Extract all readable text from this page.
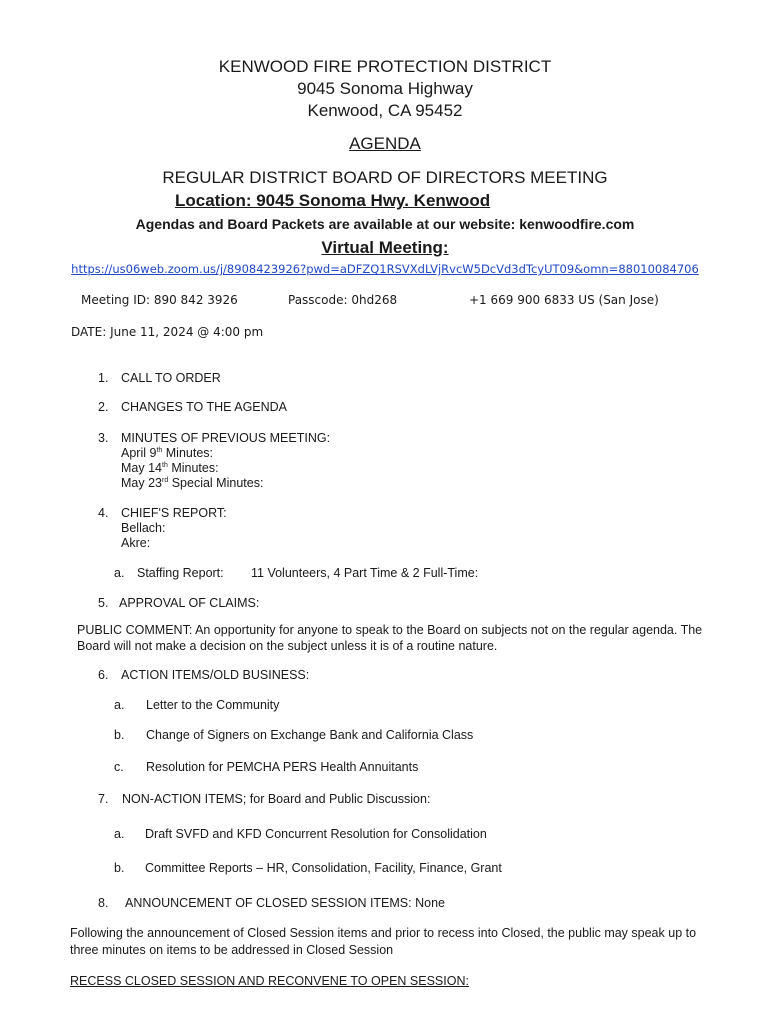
KENWOOD FIRE PROTECTION DISTRICT
9045 Sonoma Highway
Kenwood, CA 95452
AGENDA
REGULAR DISTRICT BOARD OF DIRECTORS MEETING
Location: 9045 Sonoma Hwy. Kenwood
Agendas and Board Packets are available at our website: kenwoodfire.com
Virtual Meeting:
https://us06web.zoom.us/j/8908423926?pwd=aDFZQ1RSVXdLVjRvcW5DcVd3dTcyUT09&omn=88010084706
Meeting ID: 890 842 3926	Passcode: 0hd268	+1 669 900 6833 US (San Jose)
DATE: June 11, 2024 @ 4:00 pm
1. CALL TO ORDER
2. CHANGES TO THE AGENDA
3. MINUTES OF PREVIOUS MEETING:
April 9th Minutes:
May 14th Minutes:
May 23rd Special Minutes:
4. CHIEF'S REPORT:
Bellach:
Akre:
a. Staffing Report: 11 Volunteers, 4 Part Time & 2 Full-Time:
5. APPROVAL OF CLAIMS:
PUBLIC COMMENT: An opportunity for anyone to speak to the Board on subjects not on the regular agenda. The
Board will not make a decision on the subject unless it is of a routine nature.
6. ACTION ITEMS/OLD BUSINESS:
a. Letter to the Community
b. Change of Signers on Exchange Bank and California Class
c. Resolution for PEMCHA PERS Health Annuitants
7. NON-ACTION ITEMS; for Board and Public Discussion:
a. Draft SVFD and KFD Concurrent Resolution for Consolidation
b. Committee Reports – HR, Consolidation, Facility, Finance, Grant
8. ANNOUNCEMENT OF CLOSED SESSION ITEMS: None
Following the announcement of Closed Session items and prior to recess into Closed, the public may speak up to
three minutes on items to be addressed in Closed Session
RECESS CLOSED SESSION AND RECONVENE TO OPEN SESSION:
